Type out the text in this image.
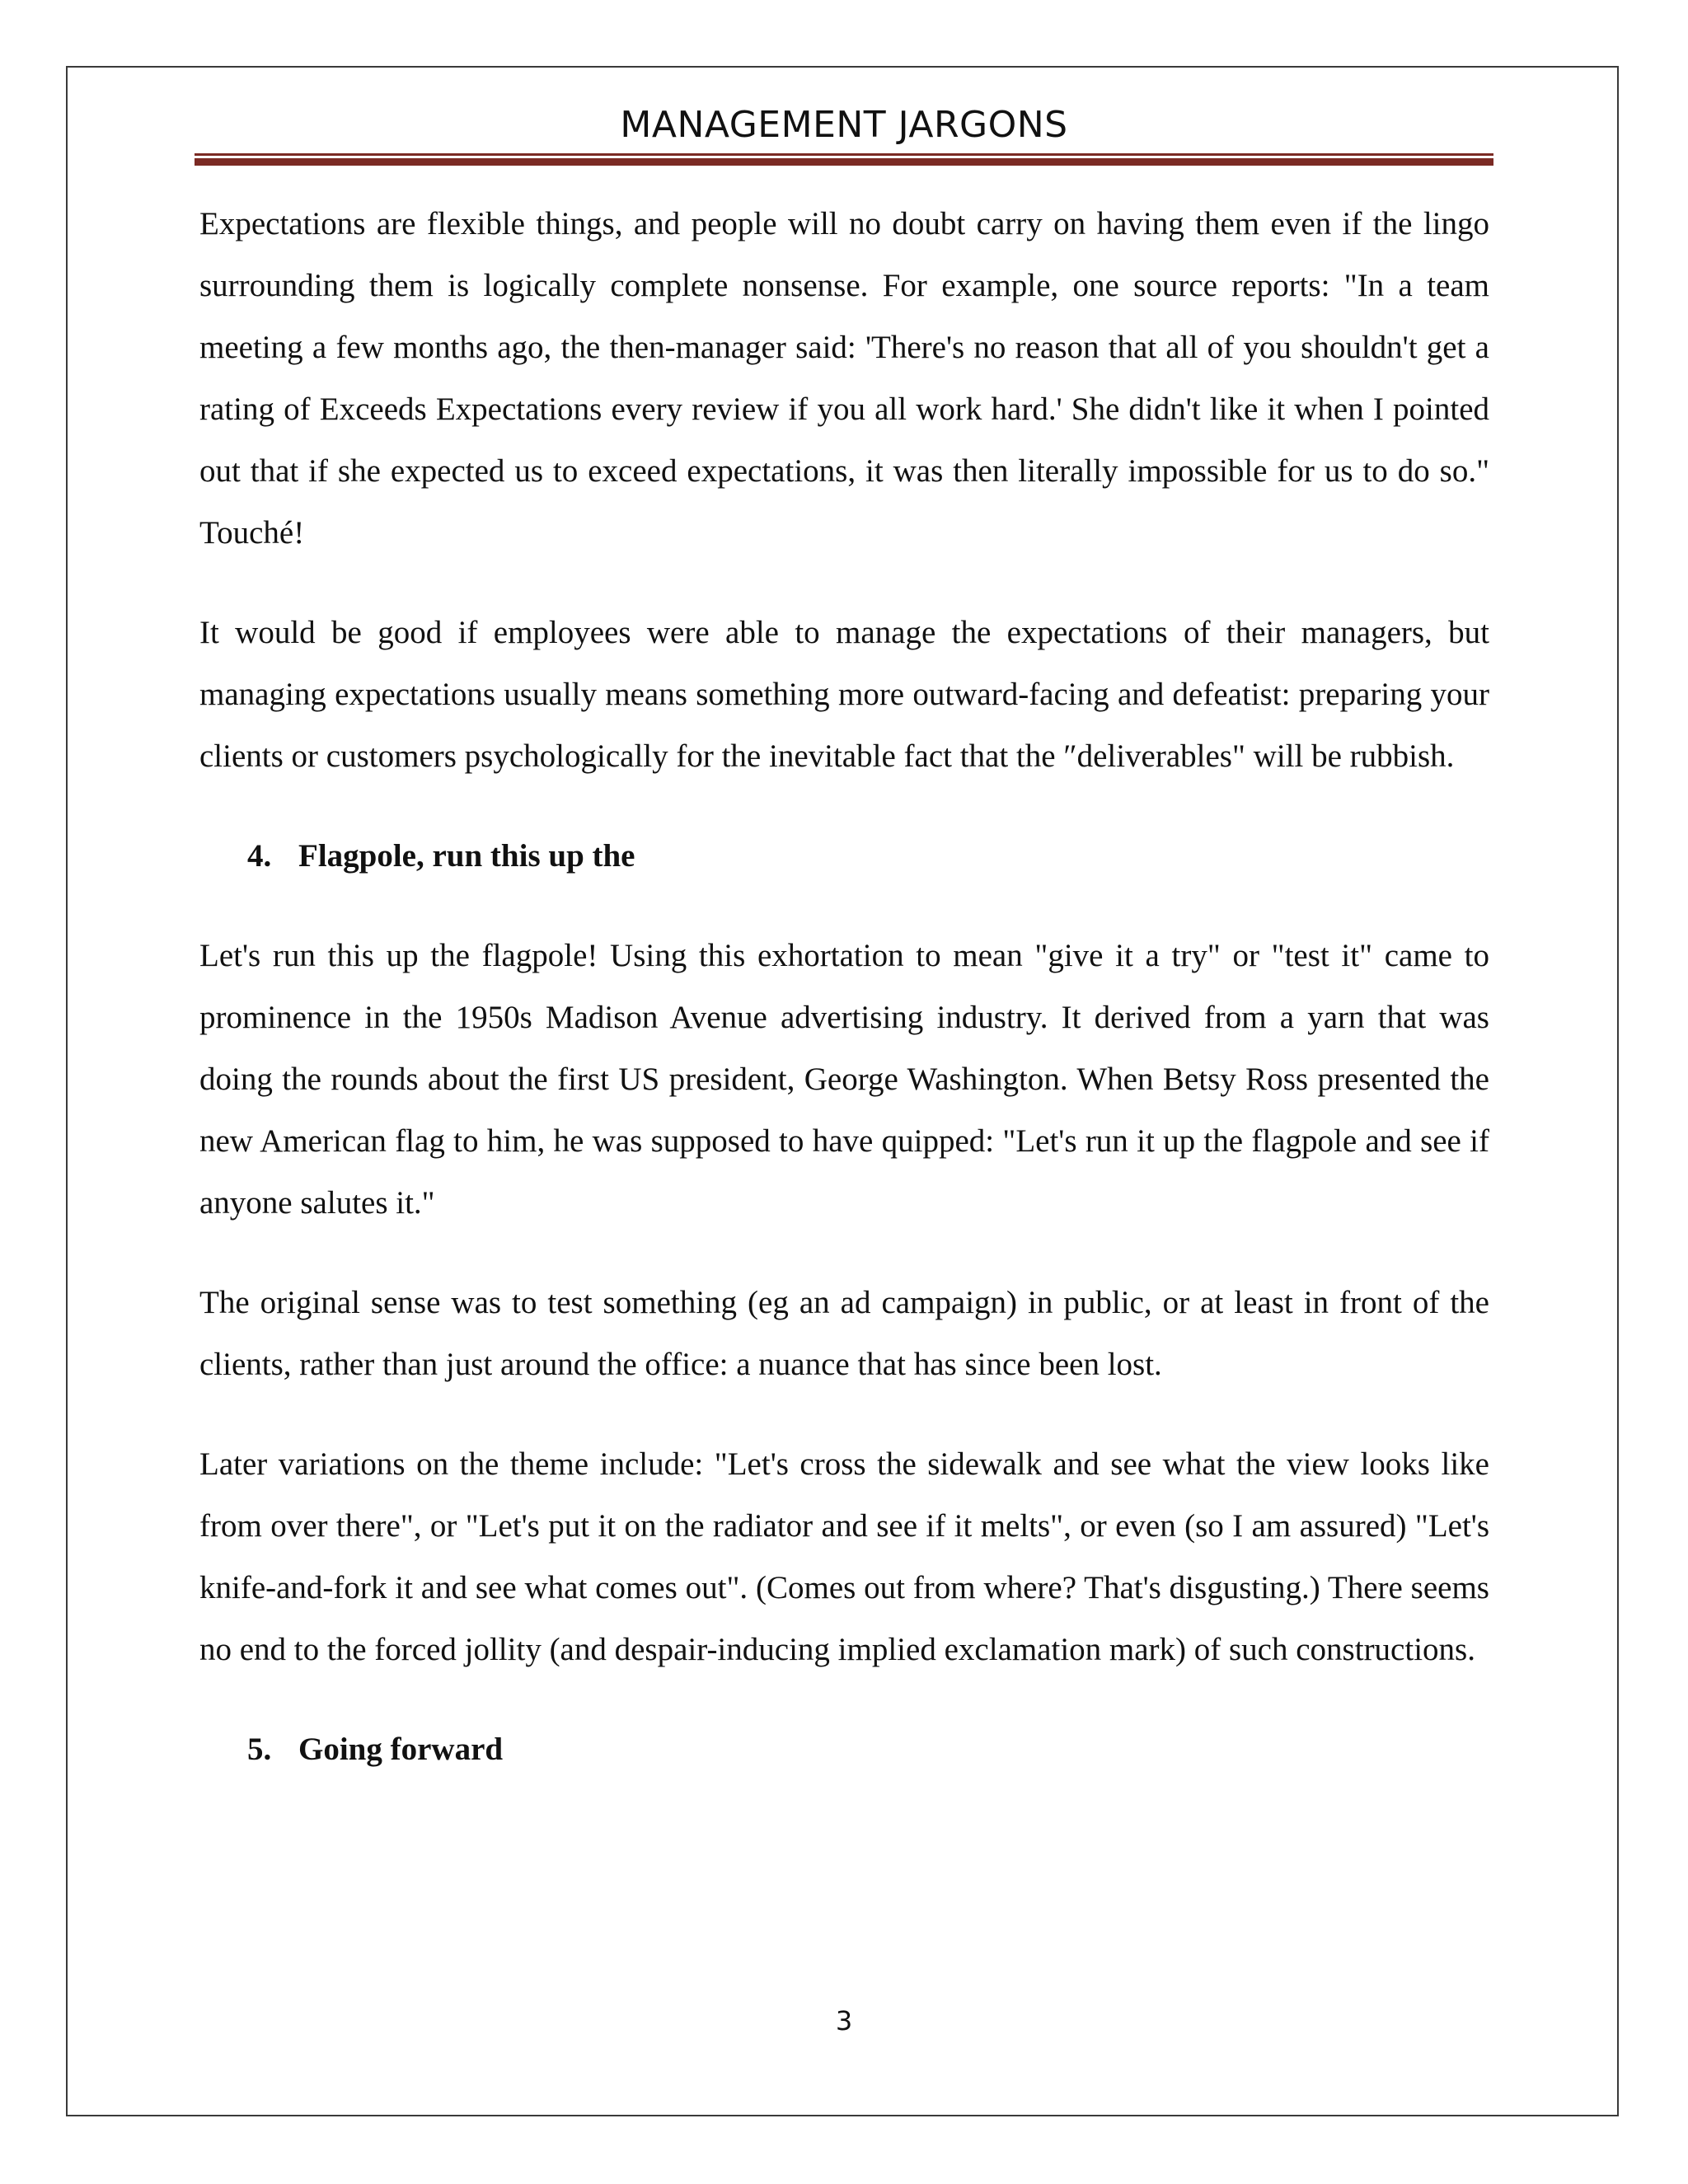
MANAGEMENT JARGONS

Expectations are flexible things, and people will no doubt carry on having them even if the lingo surrounding them is logically complete nonsense. For example, one source reports: "In a team meeting a few months ago, the then-manager said: 'There's no reason that all of you shouldn't get a rating of Exceeds Expectations every review if you all work hard.' She didn't like it when I pointed out that if she expected us to exceed expectations, it was then literally impossible for us to do so." Touché!

It would be good if employees were able to manage the expectations of their managers, but managing expectations usually means something more outward-facing and defeatist: preparing your clients or customers psychologically for the inevitable fact that the ″deliverables" will be rubbish.

4. Flagpole, run this up the

Let's run this up the flagpole! Using this exhortation to mean "give it a try" or "test it" came to prominence in the 1950s Madison Avenue advertising industry. It derived from a yarn that was doing the rounds about the first US president, George Washington. When Betsy Ross presented the new American flag to him, he was supposed to have quipped: "Let's run it up the flagpole and see if anyone salutes it."

The original sense was to test something (eg an ad campaign) in public, or at least in front of the clients, rather than just around the office: a nuance that has since been lost.

Later variations on the theme include: "Let's cross the sidewalk and see what the view looks like from over there", or "Let's put it on the radiator and see if it melts", or even (so I am assured) "Let's knife-and-fork it and see what comes out". (Comes out from where? That's disgusting.) There seems no end to the forced jollity (and despair-inducing implied exclamation mark) of such constructions.

5. Going forward
3
